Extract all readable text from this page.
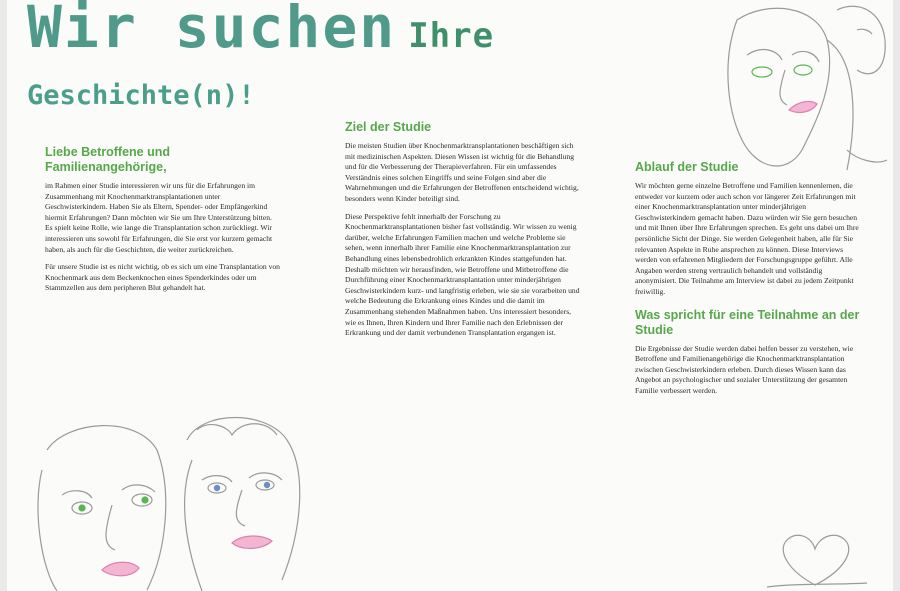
Wir suchen Ihre
Geschichte(n)!
Liebe Betroffene und Familienangehörige,

im Rahmen einer Studie interessieren wir uns für die Erfahrungen im Zusammenhang mit Knochenmarktransplantationen unter Geschwisterkindern. Haben Sie als Eltern, Spender- oder Empfängerkind hiermit Erfahrungen? Dann möchten wir Sie um Ihre Unterstützung bitten. Es spielt keine Rolle, wie lange die Transplantation schon zurückliegt. Wir interessieren uns sowohl für Erfahrungen, die Sie erst vor kurzem gemacht haben, als auch für die Geschichten, die weiter zurückreichen.

Für unsere Studie ist es nicht wichtig, ob es sich um eine Transplantation von Knochenmark aus dem Beckenknochen eines Spenderkindes oder um Stammzellen aus dem peripheren Blut gehandelt hat.

Ziel der Studie

Die meisten Studien über Knochenmarktransplantationen beschäftigen sich mit medizinischen Aspekten. Diesen Wissen ist wichtig für die Behandlung und für die Verbesserung der Therapieverfahren. Für ein umfassendes Verständnis eines solchen Eingriffs und seine Folgen sind aber die Wahrnehmungen und die Erfahrungen der Betroffenen entscheidend wichtig, besonders wenn Kinder beteiligt sind.

Diese Perspektive fehlt innerhalb der Forschung zu Knochenmarktransplantationen bisher fast vollständig. Wir wissen zu wenig darüber, welche Erfahrungen Familien machen und welche Probleme sie sehen, wenn innerhalb ihrer Familie eine Knochenmarktransplantation zur Behandlung eines lebensbedrohlich erkrankten Kindes stattgefunden hat. Deshalb möchten wir herausfinden, wie Betroffene und Mitbetroffene die Durchführung einer Knochenmarktransplantation unter minderjährigen Geschwisterkindern kurz- und langfristig erleben, wie sie sie vorarbeiten und welche Bedeutung die Erkrankung eines Kindes und die damit im Zusammenhang stehenden Maßnahmen haben. Uns interessiert besonders, wie es Ihnen, Ihren Kindern und Ihrer Familie nach den Erlebnissen der Erkrankung und der damit verbundenen Transplantation ergangen ist.

Ablauf der Studie

Wir möchten gerne einzelne Betroffene und Familien kennenlernen, die entweder vor kurzem oder auch schon vor längerer Zeit Erfahrungen mit einer Knochenmarktransplantation unter minderjährigen Geschwisterkindern gemacht haben. Dazu würden wir Sie gern besuchen und mit Ihnen über Ihre Erfahrungen sprechen. Es geht uns dabei um Ihre persönliche Sicht der Dinge. Sie werden Gelegenheit haben, alle für Sie relevanten Aspekte in Ruhe ansprechen zu können. Diese Interviews werden von erfahrenen Mitgliedern der Forschungsgruppe geführt. Alle Angaben werden streng vertraulich behandelt und vollständig anonymisiert. Die Teilnahme am Interview ist dabei zu jedem Zeitpunkt freiwillig.

Was spricht für eine Teilnahme an der Studie

Die Ergebnisse der Studie werden dabei helfen besser zu verstehen, wie Betroffene und Familienangehörige die Knochenmarktransplantation zwischen Geschwisterkindern erleben. Durch dieses Wissen kann das Angebot an psychologischer und sozialer Unterstützung der gesamten Familie verbessert werden.
